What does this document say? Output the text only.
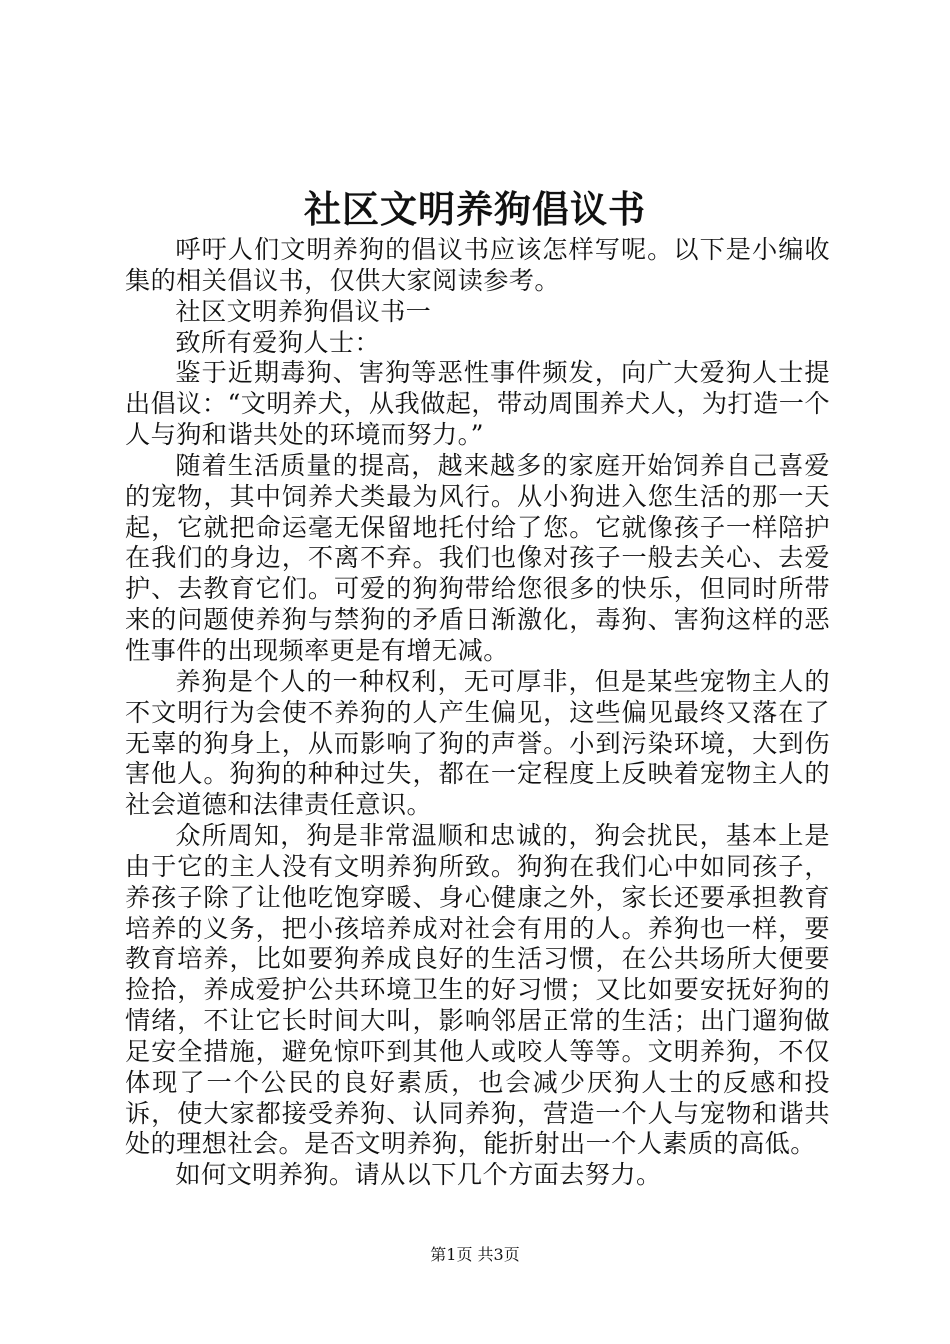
社区文明养狗倡议书

呼吁人们文明养狗的倡议书应该怎样写呢。以下是小编收集的相关倡议书，仅供大家阅读参考。

社区文明养狗倡议书一

致所有爱狗人士：

鉴于近期毒狗、害狗等恶性事件频发，向广大爱狗人士提出倡议：“文明养犬，从我做起，带动周围养犬人，为打造一个人与狗和谐共处的环境而努力。”

随着生活质量的提高，越来越多的家庭开始饲养自己喜爱的宠物，其中饲养犬类最为风行。从小狗进入您生活的那一天起，它就把命运毫无保留地托付给了您。它就像孩子一样陪护在我们的身边，不离不弃。我们也像对孩子一般去关心、去爱护、去教育它们。可爱的狗狗带给您很多的快乐，但同时所带来的问题使养狗与禁狗的矛盾日渐激化，毒狗、害狗这样的恶性事件的出现频率更是有增无减。

养狗是个人的一种权利，无可厚非，但是某些宠物主人的不文明行为会使不养狗的人产生偏见，这些偏见最终又落在了无辜的狗身上，从而影响了狗的声誉。小到污染环境，大到伤害他人。狗狗的种种过失，都在一定程度上反映着宠物主人的社会道德和法律责任意识。

众所周知，狗是非常温顺和忠诚的，狗会扰民，基本上是由于它的主人没有文明养狗所致。狗狗在我们心中如同孩子，养孩子除了让他吃饱穿暖、身心健康之外，家长还要承担教育培养的义务，把小孩培养成对社会有用的人。养狗也一样，要教育培养，比如要狗养成良好的生活习惯，在公共场所大便要捡拾，养成爱护公共环境卫生的好习惯；又比如要安抚好狗的情绪，不让它长时间大叫，影响邻居正常的生活；出门遛狗做足安全措施，避免惊吓到其他人或咬人等等。文明养狗，不仅体现了一个公民的良好素质，也会减少厌狗人士的反感和投诉，使大家都接受养狗、认同养狗，营造一个人与宠物和谐共处的理想社会。是否文明养狗，能折射出一个人素质的高低。

如何文明养狗。请从以下几个方面去努力。

第1页 共3页
